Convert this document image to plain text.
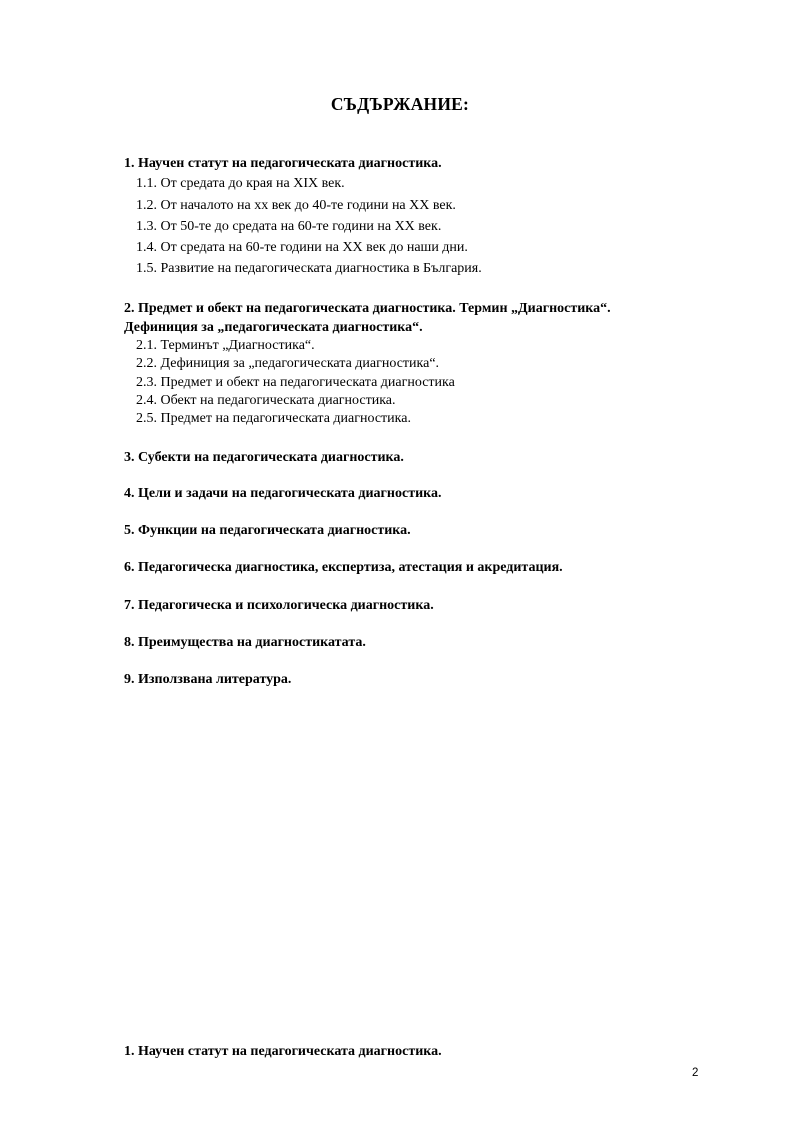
СЪДЪРЖАНИЕ:
1. Научен статут на педагогическата диагностика.
1.1. От средата до края на XIX век.
1.2. От началото на хх век до 40-те години на XX век.
1.3. От 50-те до средата на 60-те години на XX век.
1.4. От средата на 60-те години на XX век до наши дни.
1.5. Развитие на педагогическата диагностика в България.
2. Предмет и обект на педагогическата диагностика. Термин „Диагностика“.
Дефиниция за „педагогическата диагностика“.
2.1. Терминът „Диагностика“.
2.2. Дефиниция за „педагогическата диагностика“.
2.3. Предмет и обект на педагогическата диагностика
2.4. Обект на педагогическата диагностика.
2.5. Предмет на педагогическата диагностика.
3. Субекти на педагогическата диагностика.
4. Цели и задачи на педагогическата диагностика.
5. Функции на педагогическата диагностика.
6. Педагогическа диагностика, експертиза, атестация и акредитация.
7. Педагогическа и психологическа диагностика.
8. Преимущества на диагностикатата.
9. Използвана литература.
1. Научен статут на педагогическата диагностика.
2
